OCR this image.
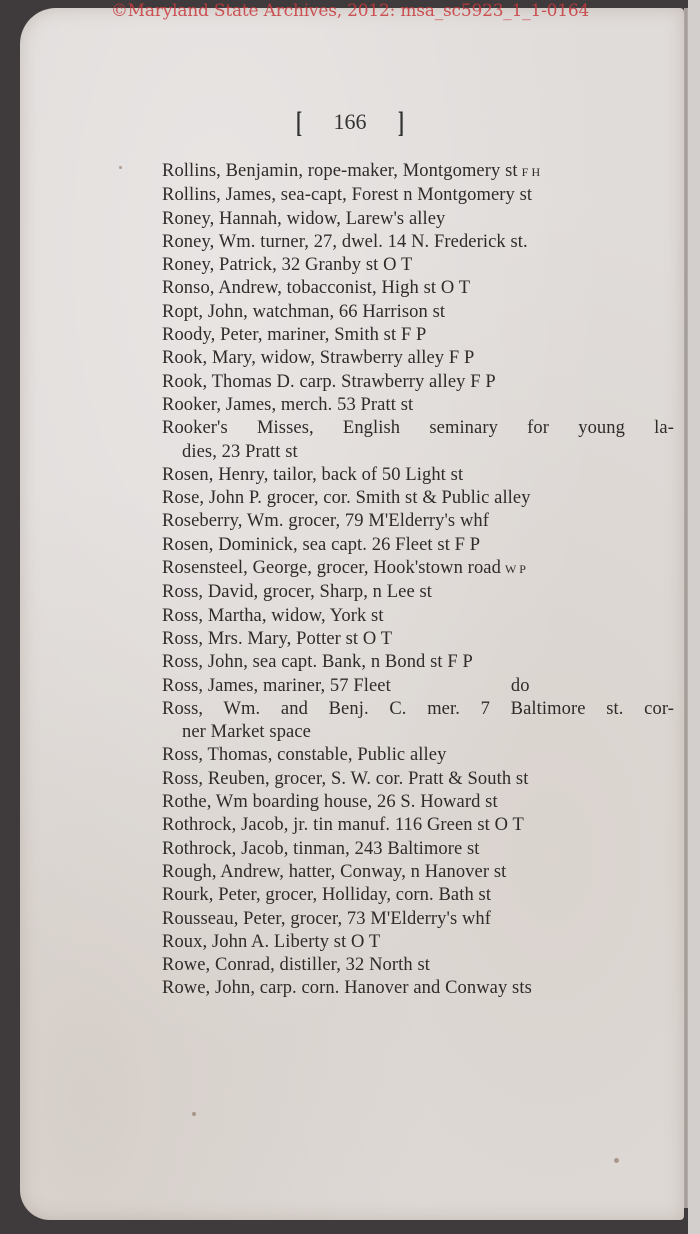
©Maryland State Archives, 2012: msa_sc5923_1_1-0164
[ 166 ]
Rollins, Benjamin, rope-maker, Montgomery st F H
Rollins, James, sea-capt, Forest n Montgomery st
Roney, Hannah, widow, Larew's alley
Roney, Wm. turner, 27, dwel. 14 N. Frederick st.
Roney, Patrick, 32 Granby st O T
Ronso, Andrew, tobacconist, High st O T
Ropt, John, watchman, 66 Harrison st
Roody, Peter, mariner, Smith st F P
Rook, Mary, widow, Strawberry alley F P
Rook, Thomas D. carp. Strawberry alley F P
Rooker, James, merch. 53 Pratt st
Rooker's Misses, English seminary for young la-
dies, 23 Pratt st
Rosen, Henry, tailor, back of 50 Light st
Rose, John P. grocer, cor. Smith st & Public alley
Roseberry, Wm. grocer, 79 M'Elderry's whf
Rosen, Dominick, sea capt. 26 Fleet st F P
Rosensteel, George, grocer, Hook'stown road W P
Ross, David, grocer, Sharp, n Lee st
Ross, Martha, widow, York st
Ross, Mrs. Mary, Potter st O T
Ross, John, sea capt. Bank, n Bond st F P
Ross, James, mariner, 57 Fleet	do
Ross, Wm. and Benj. C. mer. 7 Baltimore st. cor-
ner Market space
Ross, Thomas, constable, Public alley
Ross, Reuben, grocer, S. W. cor. Pratt & South st
Rothe, Wm boarding house, 26 S. Howard st
Rothrock, Jacob, jr. tin manuf. 116 Green st O T
Rothrock, Jacob, tinman, 243 Baltimore st
Rough, Andrew, hatter, Conway, n Hanover st
Rourk, Peter, grocer, Holliday, corn. Bath st
Rousseau, Peter, grocer, 73 M'Elderry's whf
Roux, John A. Liberty st O T
Rowe, Conrad, distiller, 32 North st
Rowe, John, carp. corn. Hanover and Conway sts
